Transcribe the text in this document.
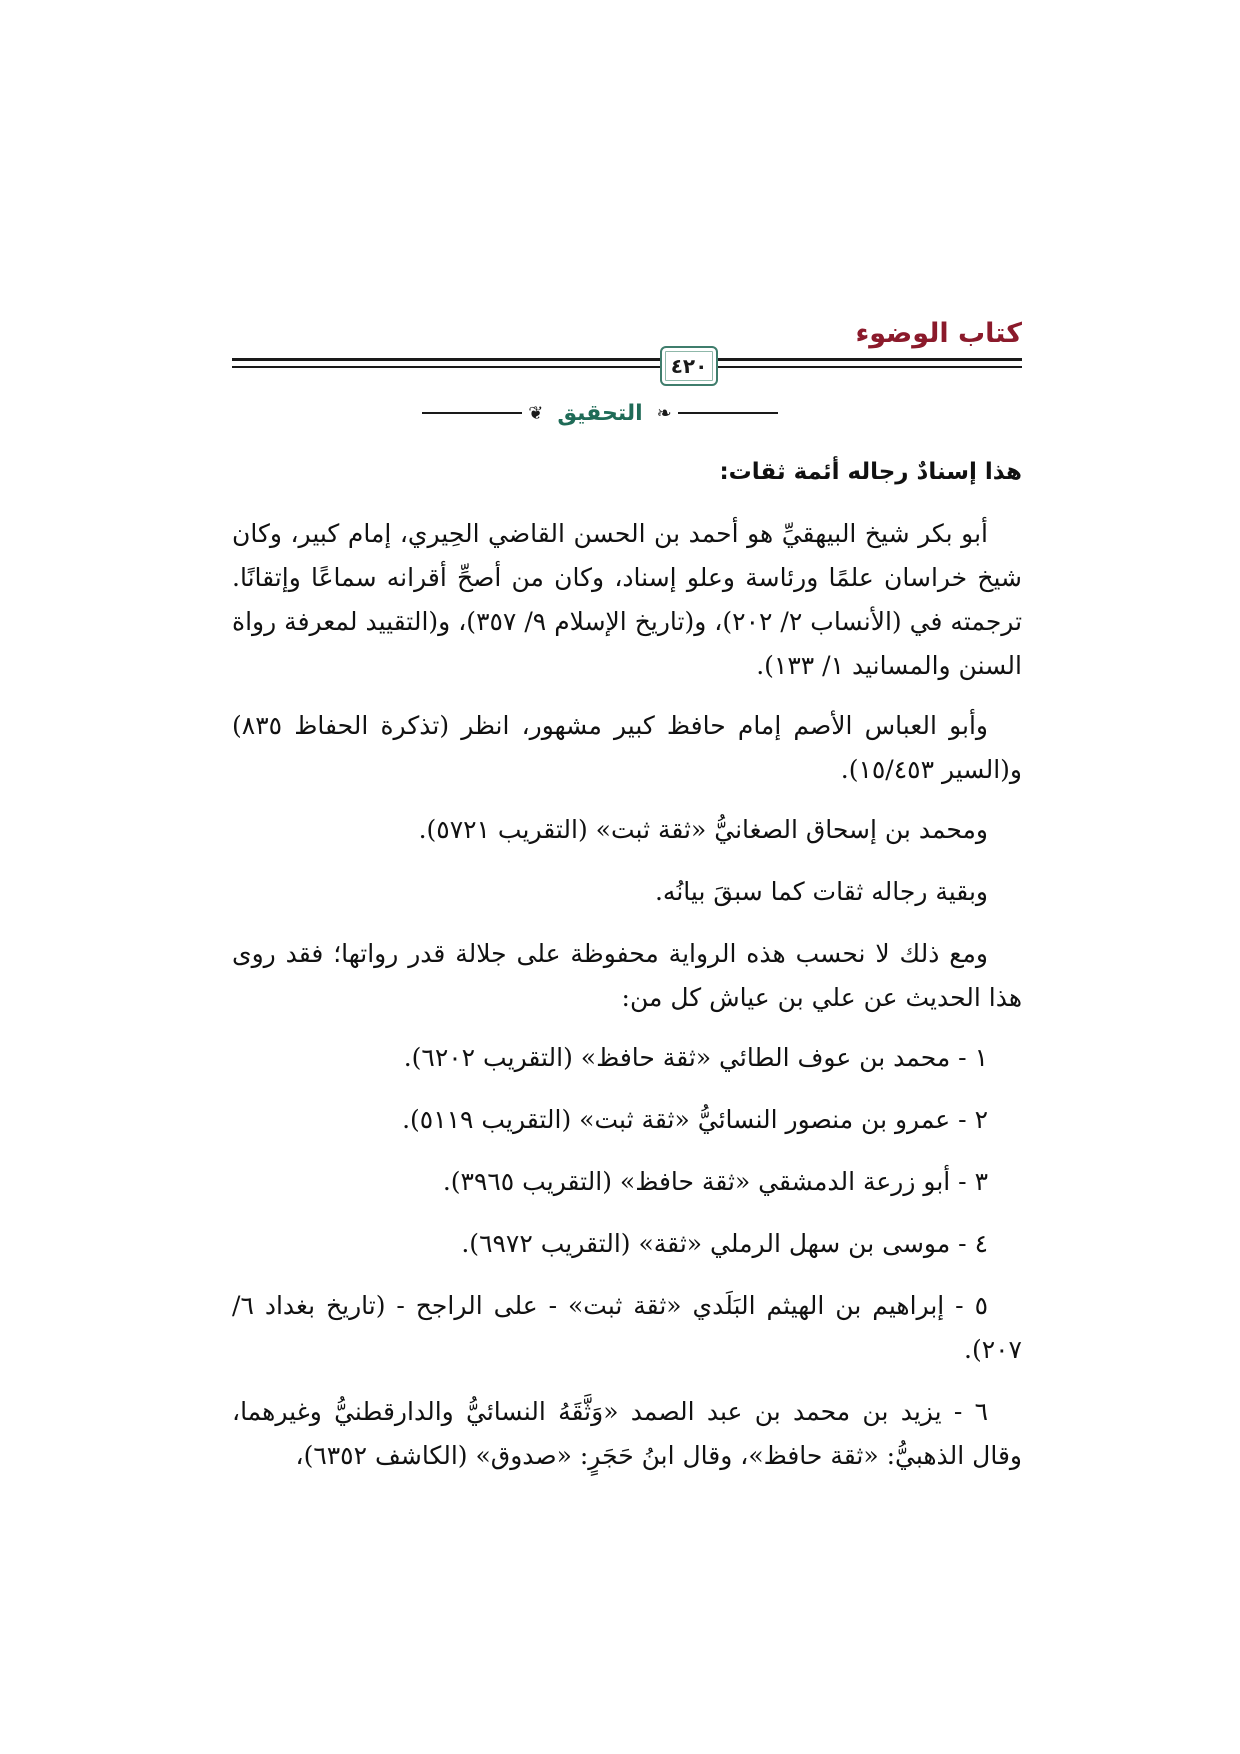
كتاب الوضوء
٤٢٠
❦ التحقيق ❧

هذا إسنادٌ رجاله أئمة ثقات:

أبو بكر شيخ البيهقيِّ هو أحمد بن الحسن القاضي الحِيري، إمام كبير، وكان شيخ خراسان علمًا ورئاسة وعلو إسناد، وكان من أصحِّ أقرانه سماعًا وإتقانًا. ترجمته في (الأنساب ٢/ ٢٠٢)، و(تاريخ الإسلام ٩/ ٣٥٧)، و(التقييد لمعرفة رواة السنن والمسانيد ١/ ١٣٣).

وأبو العباس الأصم إمام حافظ كبير مشهور، انظر (تذكرة الحفاظ ٨٣٥) و(السير ١٥/٤٥٣).

ومحمد بن إسحاق الصغانيُّ «ثقة ثبت» (التقريب ٥٧٢١).

وبقية رجاله ثقات كما سبقَ بيانُه.

ومع ذلك لا نحسب هذه الرواية محفوظة على جلالة قدر رواتها؛ فقد روى هذا الحديث عن علي بن عياش كل من:

١ - محمد بن عوف الطائي «ثقة حافظ» (التقريب ٦٢٠٢).

٢ - عمرو بن منصور النسائيُّ «ثقة ثبت» (التقريب ٥١١٩).

٣ - أبو زرعة الدمشقي «ثقة حافظ» (التقريب ٣٩٦٥).

٤ - موسى بن سهل الرملي «ثقة» (التقريب ٦٩٧٢).

٥ - إبراهيم بن الهيثم البَلَدي «ثقة ثبت» - على الراجح - (تاريخ بغداد ٦/ ٢٠٧).

٦ - يزيد بن محمد بن عبد الصمد «وَثَّقَهُ النسائيُّ والدارقطنيُّ وغيرهما، وقال الذهبيُّ: «ثقة حافظ»، وقال ابنُ حَجَرٍ: «صدوق» (الكاشف ٦٣٥٢)،
